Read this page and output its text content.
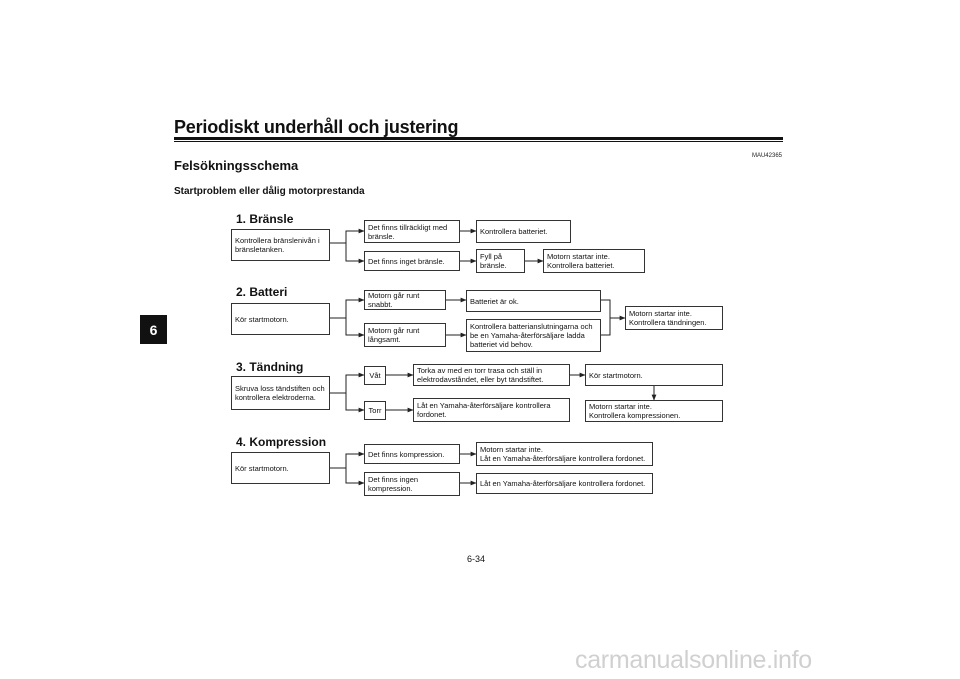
Periodiskt underhåll och justering
6
MAU42365
Felsökningsschema
Startproblem eller dålig motorprestanda
1. Bränsle
Kontrollera bränslenivån i
bränsletanken.
Det finns tillräckligt med
bränsle.
Det finns inget bränsle.
Kontrollera batteriet.
Fyll på
bränsle.
Motorn startar inte.
Kontrollera batteriet.
2. Batteri
Kör startmotorn.
Motorn går runt snabbt.
Motorn går runt
långsamt.
Batteriet är ok.
Kontrollera batterianslutningarna och
be en Yamaha-återförsäljare ladda
batteriet vid behov.
Motorn startar inte.
Kontrollera tändningen.
3. Tändning
Skruva loss tändstiften och
kontrollera elektroderna.
Våt
Torr
Torka av med en torr trasa och ställ in
elektrodavståndet, eller byt tändstiftet.
Låt en Yamaha-återförsäljare kontrollera
fordonet.
Kör startmotorn.
Motorn startar inte.
Kontrollera kompressionen.
4. Kompression
Kör startmotorn.
Det finns kompression.
Det finns ingen
kompression.
Motorn startar inte.
Låt en Yamaha-återförsäljare kontrollera fordonet.
Låt en Yamaha-återförsäljare kontrollera fordonet.
6-34
carmanualsonline.info
